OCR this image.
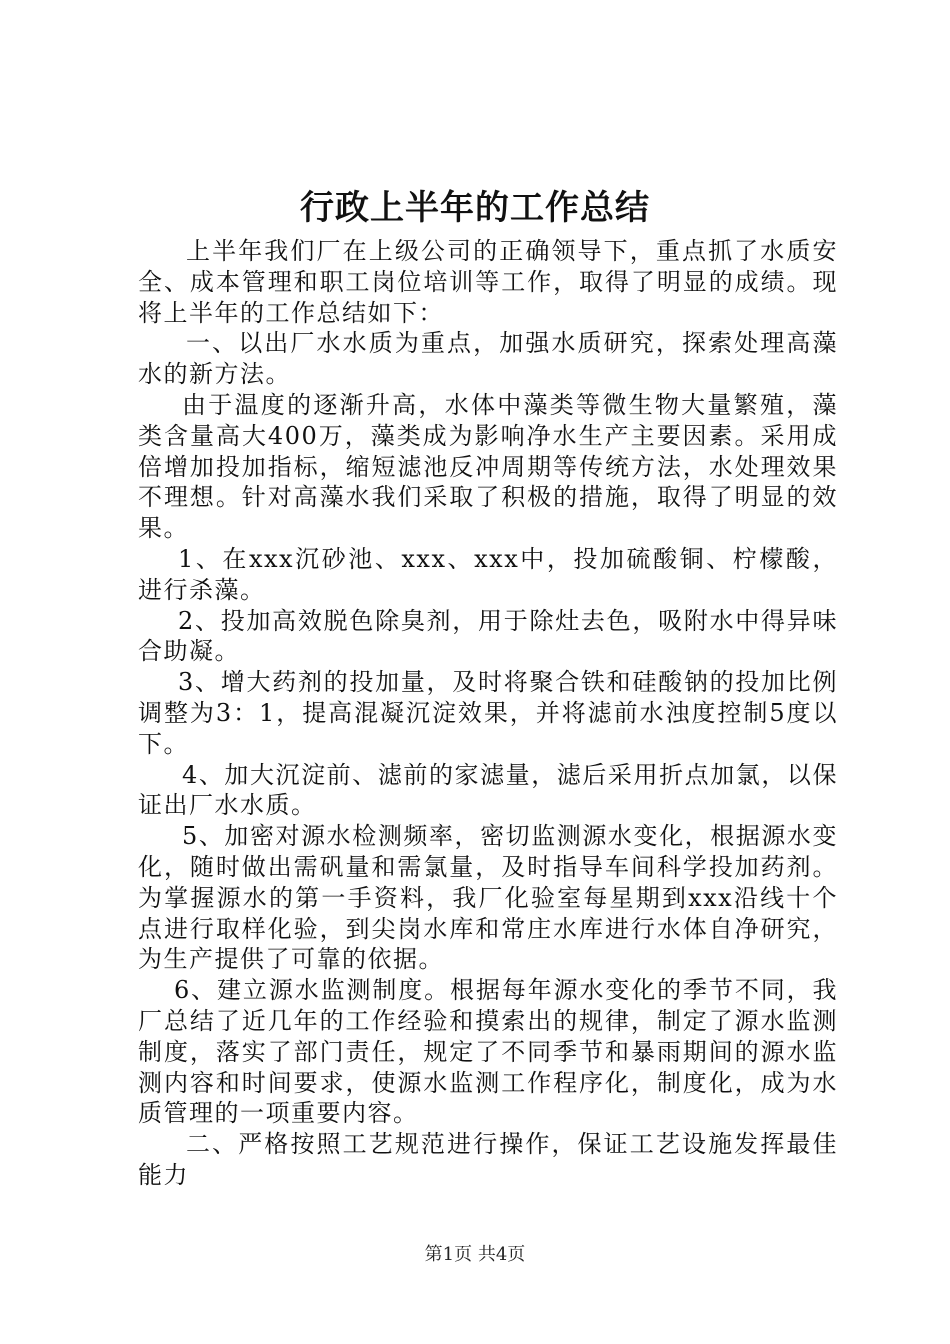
行政上半年的工作总结

上半年我们厂在上级公司的正确领导下，重点抓了水质安全、成本管理和职工岗位培训等工作，取得了明显的成绩。现将上半年的工作总结如下：

一、以出厂水水质为重点，加强水质研究，探索处理高藻水的新方法。

由于温度的逐渐升高，水体中藻类等微生物大量繁殖，藻类含量高大400万，藻类成为影响净水生产主要因素。采用成倍增加投加指标，缩短滤池反冲周期等传统方法，水处理效果不理想。针对高藻水我们采取了积极的措施，取得了明显的效果。

1、在xxx沉砂池、xxx、xxx中，投加硫酸铜、柠檬酸，进行杀藻。

2、投加高效脱色除臭剂，用于除灶去色，吸附水中得异味合助凝。

3、增大药剂的投加量，及时将聚合铁和硅酸钠的投加比例调整为3：1，提高混凝沉淀效果，并将滤前水浊度控制5度以下。

4、加大沉淀前、滤前的家滤量，滤后采用折点加氯，以保证出厂水水质。

5、加密对源水检测频率，密切监测源水变化，根据源水变化，随时做出需矾量和需氯量，及时指导车间科学投加药剂。为掌握源水的第一手资料，我厂化验室每星期到xxx沿线十个点进行取样化验，到尖岗水库和常庄水库进行水体自净研究，为生产提供了可靠的依据。

6、建立源水监测制度。根据每年源水变化的季节不同，我厂总结了近几年的工作经验和摸索出的规律，制定了源水监测制度，落实了部门责任，规定了不同季节和暴雨期间的源水监测内容和时间要求，使源水监测工作程序化，制度化，成为水质管理的一项重要内容。

二、严格按照工艺规范进行操作，保证工艺设施发挥最佳能力

第1页 共4页
